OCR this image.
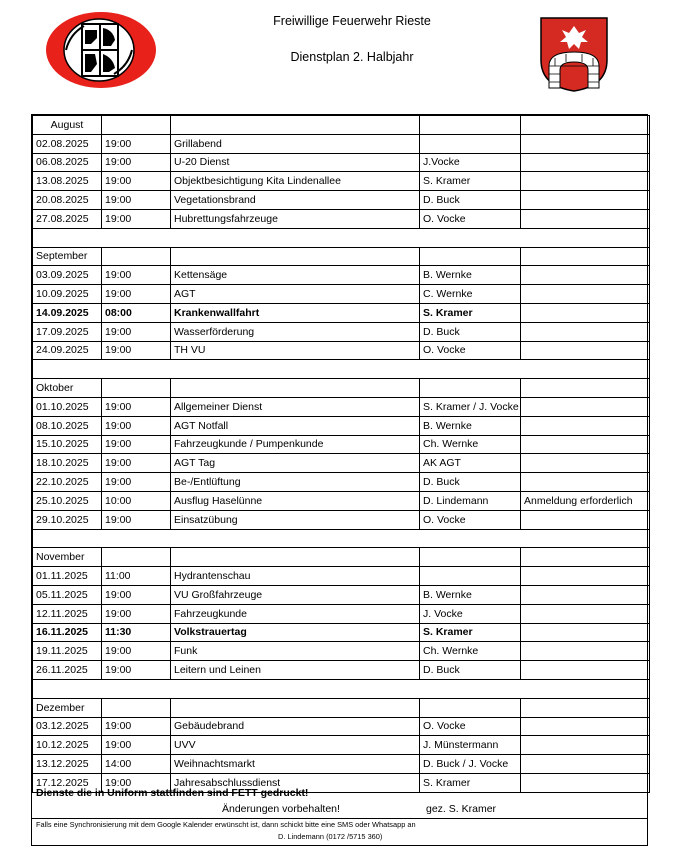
Freiwillige Feuerwehr Rieste
Dienstplan 2. Halbjahr
August				
02.08.2025	19:00	Grillabend		
06.08.2025	19:00	U-20 Dienst	J.Vocke	
13.08.2025	19:00	Objektbesichtigung Kita Lindenallee	S. Kramer	
20.08.2025	19:00	Vegetationsbrand	D. Buck	
27.08.2025	19:00	Hubrettungsfahrzeuge	O. Vocke	

September				
03.09.2025	19:00	Kettensäge	B. Wernke	
10.09.2025	19:00	AGT	C. Wernke	
14.09.2025	08:00	Krankenwallfahrt	S. Kramer	
17.09.2025	19:00	Wasserförderung	D. Buck	
24.09.2025	19:00	TH VU	O. Vocke	

Oktober				
01.10.2025	19:00	Allgemeiner Dienst	S. Kramer / J. Vocke	
08.10.2025	19:00	AGT Notfall	B. Wernke	
15.10.2025	19:00	Fahrzeugkunde / Pumpenkunde	Ch. Wernke	
18.10.2025	19:00	AGT Tag	AK AGT	
22.10.2025	19:00	Be-/Entlüftung	D. Buck	
25.10.2025	10:00	Ausflug Haselünne	D. Lindemann	Anmeldung erforderlich
29.10.2025	19:00	Einsatzübung	O. Vocke	

November				
01.11.2025	11:00	Hydrantenschau		
05.11.2025	19:00	VU Großfahrzeuge	B. Wernke	
12.11.2025	19:00	Fahrzeugkunde	J. Vocke	
16.11.2025	11:30	Volkstrauertag	S. Kramer	
19.11.2025	19:00	Funk	Ch. Wernke	
26.11.2025	19:00	Leitern und Leinen	D. Buck	

Dezember				
03.12.2025	19:00	Gebäudebrand	O. Vocke	
10.12.2025	19:00	UVV	J. Münstermann	
13.12.2025	14:00	Weihnachtsmarkt	D. Buck / J. Vocke	
17.12.2025	19:00	Jahresabschlussdienst	S. Kramer	
Dienste die in Uniform stattfinden sind FETT gedruckt!
Änderungen vorbehalten!	gez. S. Kramer
Falls eine Synchronisierung mit dem Google Kalender erwünscht ist, dann schickt bitte eine SMS oder Whatsapp an
D. Lindemann (0172 /5715 360)
